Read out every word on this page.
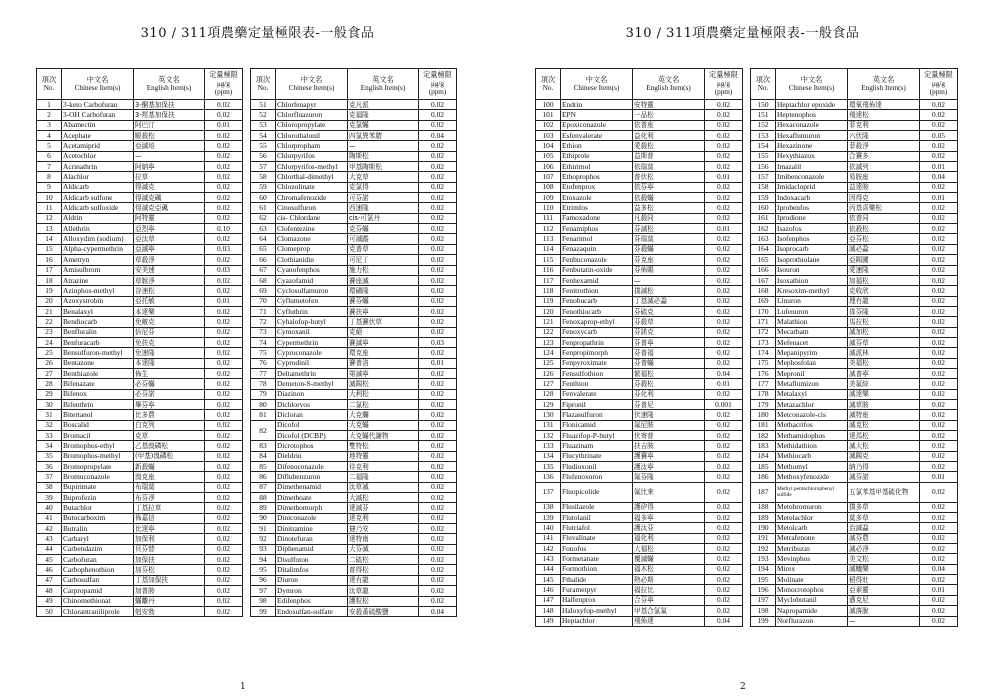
310 / 311項農藥定量極限表-一般食品
項次
No.	中文名
Chinese Item(s)	英文名
English Item(s)	定量極限
μg/g
(ppm)

1	3-keto Carbofuran	3-酮基加保扶	0.02
2	3-OH Carbofuran	3-羥基加保扶	0.02
3	Abamectin	阿巴汀	0.01
4	Acephate	毆殺松	0.02
5	Acetamiprid	亞滅培	0.02
6	Acetochlor	—	0.02
7	Acrinathrin	阿納寧	0.02
8	Alachlor	拉草	0.02
9	Aldicarb	得滅克	0.02
10	Aldicarb sulfone	得滅克碸	0.02
11	Aldicarb sulfoxide	得滅克亞碸	0.02
12	Aldrin	阿特靈	0.02
13	Allethrin	亞烈寧	0.10
14	Alloxydim (sodium)	亞汰草	0.02
15	Alpha-cypermethrin	亞滅寧	0.03
16	Ametryn	草殺淨	0.02
17	Amisulbrom	安美速	0.03
18	Atrazine	草脫淨	0.02
19	Azinphos-methyl	谷速松	0.02
20	Azoxystrobin	亞托敏	0.01
21	Benalaxyl	本達樂	0.02
22	Bendiocarb	免敵克	0.02
23	Benfluralin	倍尼芬	0.02
24	Benfuracarb	免扶克	0.02
25	Bensulfuron-methyl	免速隆	0.02
26	Bentazone	本達隆	0.02
27	Benthiazole	佈生	0.02
28	Bifenazate	必芬蟎	0.02
29	Bifenox	必芬諾	0.02
30	Bifenthrin	畢芬寧	0.02
31	Bitertanol	比多農	0.02
32	Boscalid	白克列	0.02
33	Bromacil	克草	0.02
34	Bromophos-ethyl	乙基溴磷松	0.02
35	Bromophos-methyl	(甲基)溴磷松	0.02
36	Bromopropylate	新殺蟎	0.02
37	Bromuconazole	溴克座	0.02
38	Bupirimate	布瑞莫	0.02
39	Buprofezin	布芬淨	0.02
40	Butachlor	丁基拉草	0.02
41	Butocarboxim	佈嘉信	0.02
42	Butralin	比達寧	0.02
43	Carbaryl	加保利	0.02
44	Carbendazim	貝芬替	0.02
45	Carbofuran	加保扶	0.02
46	Carbophenothion	加芬松	0.02
47	Carbosulfan	丁基加保扶	0.02
48	Carpropamid	加普胺	0.02
49	Chinomethionat	蟎離丹	0.02
50	Chlorantraniliprole	剋安勃	0.02
項次
No.	中文名
Chinese Item(s)	英文名
English Item(s)	定量極限
μg/g
(ppm)

51	Chlorfenapyr	克凡派	0.02
52	Chlorfluazuron	克福隆	0.02
53	Chloropropylate	克氯蟎	0.02
54	Chlorothalonil	四氯異苯腈	0.04
55	Chlorpropham	—	0.02
56	Chlorpyrifos	陶斯松	0.02
57	Chlorpyrifos-methyl	甲基陶斯松	0.02
58	Chlorthal-dimethyl	大克草	0.02
59	Chlozolinate	克氯得	0.02
60	Chromafenozide	可芬諾	0.02
61	Cinosulfuron	西速隆	0.02
62	cis- Chlordane	cis-可氯丹	0.02
63	Clofentezine	克芬蟎	0.02
64	Clomazone	可滅蹤	0.02
65	Clomeprop	克普草	0.02
66	Clothianidin	可尼丁	0.02
67	Cyanofenphos	施力松	0.02
68	Cyazofamid	賽座滅	0.02
69	Cyclosulfamuron	環磺隆	0.02
70	Cyflumetofen	賽芬蟎	0.02
71	Cyfluthrin	賽扶寧	0.02
72	Cyhalofop-butyl	丁基賽伏草	0.02
73	Cymoxanil	克絕	0.02
74	Cypermethrin	賽滅寧	0.03
75	Cyproconazole	環克座	0.02
76	Cyprodinil	賽普洛	0.01
77	Deltamethrin	第滅寧	0.02
78	Demeton-S-methyl	滅賜松	0.02
79	Diazinon	大利松	0.02
80	Dichlorvos	二氯松	0.02
81	Dicloran	大克爛	0.02
82	Dicofol	大克蟎	0.02
	Dicofol (DCBP)	大克蟎代謝物	0.02
83	Dicrotophos	雙特松	0.02
84	Dieldrin	地特靈	0.02
85	Difenoconazole	待克利	0.02
86	Diflubenzuron	二福隆	0.02
87	Dimethenamid	汰草滅	0.02
88	Dimethoate	大滅松	0.02
89	Dimethomorph	達滅芬	0.02
90	Diniconazole	達克利	0.02
91	Dinitramine	撻乃安	0.02
92	Dinotefuran	達特南	0.02
93	Diphenamid	大芬滅	0.02
94	Disulfoton	二硫松	0.02
95	Ditalimfos	普得松	0.02
96	Diuron	達有龍	0.02
97	Dymron	汰草龍	0.02
98	Edifenphos	護粒松	0.02
99	Endosulfan-sulfate	安殺番硫酸鹽	0.04
1
310 / 311項農藥定量極限表-一般食品
項次
No.	中文名
Chinese Item(s)	英文名
English Item(s)	定量極限
μg/g
(ppm)

100	Endrin	安特靈	0.02
101	EPN	一品松	0.02
102	Epoxiconazole	依普座	0.02
103	Esfenvalerate	益化利	0.02
104	Ethion	愛殺松	0.02
105	Ethiprole	益斯普	0.02
106	Ethirimol	依瑞莫	0.02
107	Ethoprophos	普伏松	0.01
108	Etofenprox	依芬寧	0.02
109	Etoxazole	依殺蟎	0.02
110	Etrimfos	益多松	0.02
111	Famoxadone	凡殺同	0.02
112	Fenamiphos	芬滅松	0.01
113	Fenarimol	芬瑞莫	0.02
114	Fenazaquin	芬殺蟎	0.02
115	Fenbuconazole	芬克座	0.02
116	Fenbutatin-oxide	芬佈賜	0.02
117	Fenhexamid	—	0.02
118	Fenitrothion	撲滅松	0.02
119	Fenobucarb	丁基滅必蝨	0.02
120	Fenothiocarb	芬硫克	0.02
121	Fenoxaprop-ethyl	芬殺草	0.02
122	Fenoxycarb	芬諾克	0.02
123	Fenpropathrin	芬普寧	0.02
124	Fenpropimorph	芬普福	0.02
125	Fenpyroximate	芬普蟎	0.02
126	Fensulfothion	繁福松	0.04
127	Fenthion	芬殺松	0.01
128	Fenvalerate	芬化利	0.02
129	Fipronil	芬普尼	0.001
130	Flazasulfuron	伏速隆	0.02
131	Flonicamid	氟尼胺	0.02
132	Fluazifop-P-butyl	伏寄普	0.02
133	Fluazinam	扶吉胺	0.02
134	Flucythrinate	護賽寧	0.02
135	Fludioxonil	護汰寧	0.02
136	Flufenoxuron	氟芬隆	0.02
137	Fluopicolide	氟比來	0.02
138	Flusilazole	護矽得	0.02
139	Flutolanil	福多寧	0.02
140	Flutriafol	護汰芬	0.02
141	Fluvalinate	福化利	0.02
142	Fonofos	大福松	0.02
143	Formetanate	覆滅蟎	0.02
144	Formothion	福木松	0.02
145	Fthalide	熱必斯	0.02
146	Furametpyr	福拉比	0.02
147	Halfenprox	合芬寧	0.02
148	Haloxyfop-methyl	甲基合氯氟	0.02
149	Heptachlor	飛佈達	0.04
項次
No.	中文名
Chinese Item(s)	英文名
English Item(s)	定量極限
μg/g
(ppm)

150	Heptachlor epoxide	環氧飛佈達	0.02
151	Heptenophos	飛達松	0.02
152	Hexaconazole	菲克利	0.02
153	Hexaflumuron	六伏隆	0.05
154	Hexazinone	菲殺淨	0.02
155	Hexythiazox	合賽多	0.02
156	Imazalil	依滅列	0.01
157	Imibenconazole	易胺座	0.04
158	Imidacloprid	益達胺	0.02
159	Indoxacarb	因得克	0.01
160	Iprobenfos	丙基喜樂松	0.02
161	Iprodione	依普同	0.02
162	Isazofos	依殺松	0.02
163	Isofenphos	亞芬松	0.02
164	Isoprocarb	滅必蝨	0.02
165	Isoprothiolane	亞賜圃	0.02
166	Isouron	愛速隆	0.02
167	Isoxathion	加福松	0.02
168	Kresoxim-methyl	克收欣	0.02
169	Linuron	理有龍	0.02
170	Lufenuron	祿芬隆	0.02
171	Malathion	馬拉松	0.02
172	Mecarbam	滅加松	0.02
173	Mefenacet	滅芬草	0.02
174	Mepanipyrim	滅派林	0.02
175	Mephosfolan	美福松	0.02
176	Mepronil	滅普寧	0.02
177	Metaflumizon	美氟綜	0.02
178	Metalaxyl	滅達樂	0.02
179	Metazachlor	滅草胺	0.02
180	Metconazole-cis	滅特座	0.02
181	Methacrifos	滅克松	0.02
182	Methamidophos	達馬松	0.02
183	Methidathion	滅大松	0.02
184	Methiocarb	滅賜克	0.02
185	Methomyl	納乃得	0.02
186	Methoxyfenozide	滅芬諾	0.01
187	Methyl pentachlorophenyl sulfide	五氯苯基甲基硫化物	0.02
188	Metobromuron	撲多草	0.02
189	Metolachlor	莫多草	0.02
190	Metolcarb	治滅蝨	0.02
191	Metrafenone	滅芬農	0.02
192	Metribuzin	滅必淨	0.02
193	Mevinphos	美文松	0.02
194	Mirex	滅蟻樂	0.04
195	Molinate	稻得壯	0.02
196	Monocrotophos	亞素靈	0.01
197	Myclobutanil	邁克尼	0.02
198	Napropamide	滅落脫	0.02
199	Norflurazon	—	0.02
2
